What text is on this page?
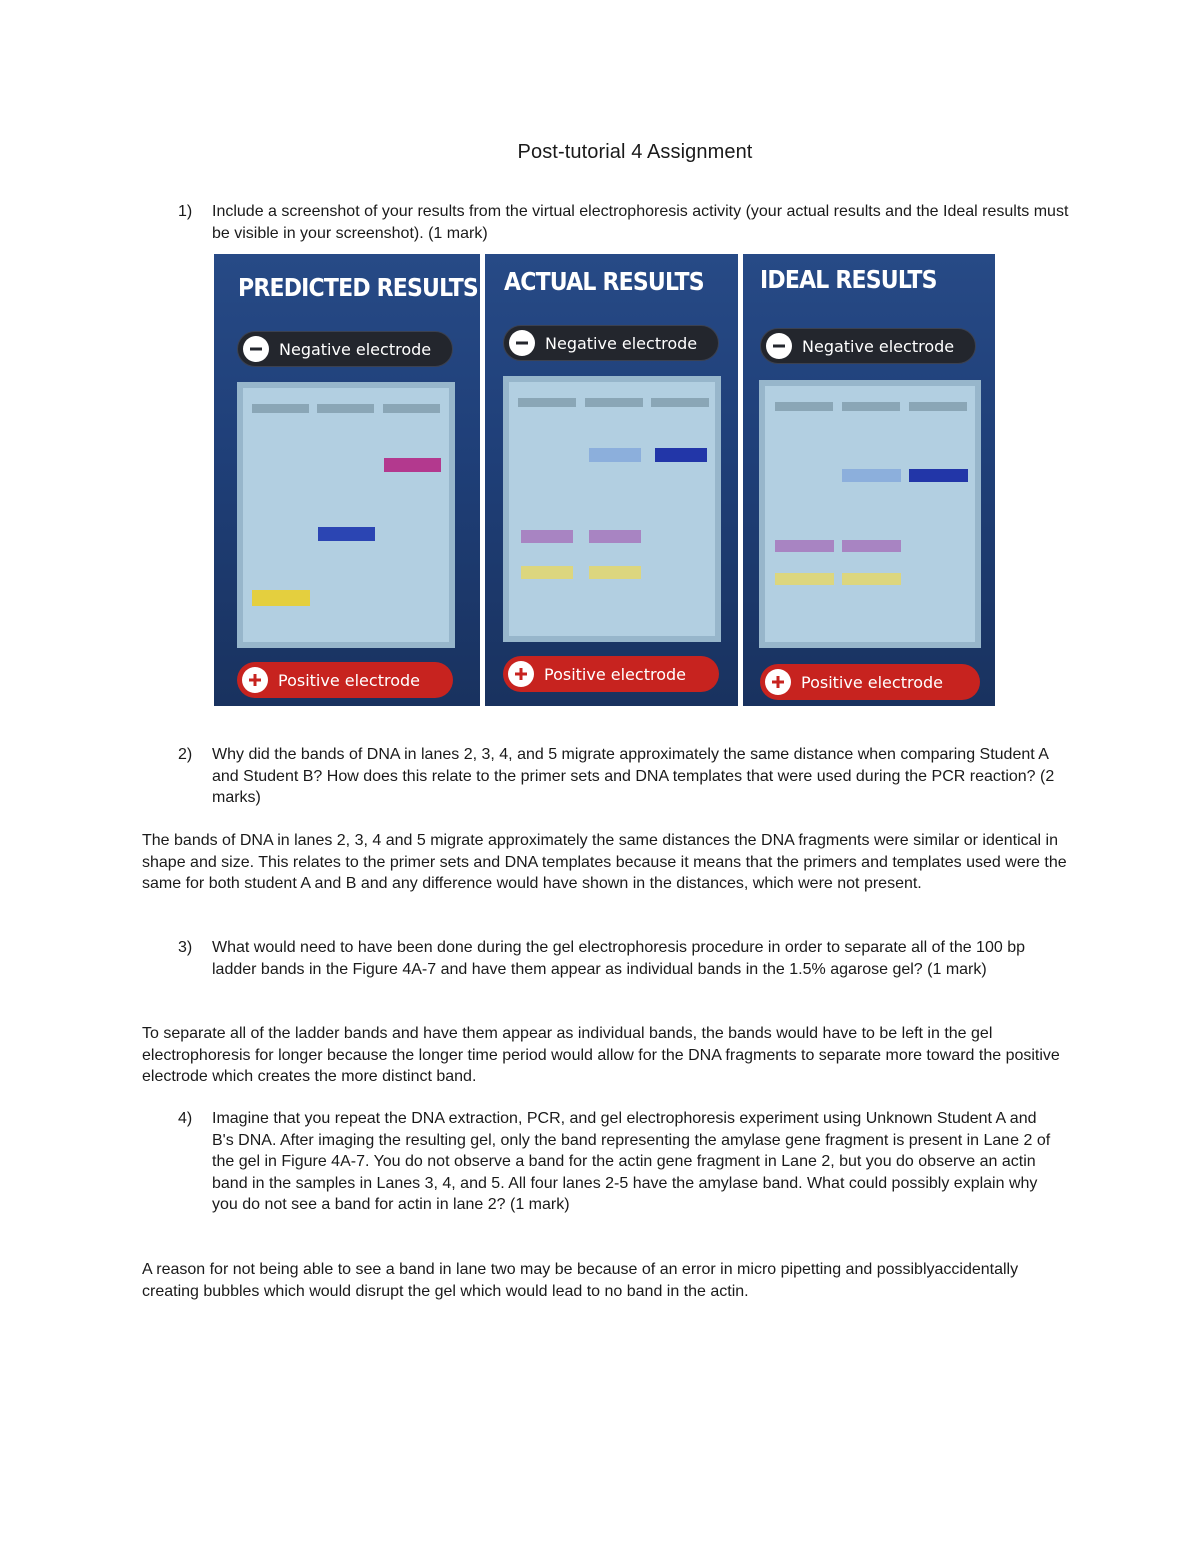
Post-tutorial 4 Assignment
1) Include a screenshot of your results from the virtual electrophoresis activity (your actual results and the Ideal results must be visible in your screenshot). (1 mark)
PREDICTED RESULTS
Negative electrode
Positive electrode
ACTUAL RESULTS
Negative electrode
Positive electrode
IDEAL RESULTS
Negative electrode
Positive electrode
2) Why did the bands of DNA in lanes 2, 3, 4, and 5 migrate approximately the same distance when comparing Student A and Student B? How does this relate to the primer sets and DNA templates that were used during the PCR reaction? (2 marks)
The bands of DNA in lanes 2, 3, 4 and 5 migrate approximately the same distances the DNA fragments were similar or identical in shape and size. This relates to the primer sets and DNA templates because it means that the primers and templates used were the same for both student A and B and any difference would have shown in the distances, which were not present.
3) What would need to have been done during the gel electrophoresis procedure in order to separate all of the 100 bp ladder bands in the Figure 4A-7 and have them appear as individual bands in the 1.5% agarose gel? (1 mark)
To separate all of the ladder bands and have them appear as individual bands, the bands would have to be left in the gel electrophoresis for longer because the longer time period would allow for the DNA fragments to separate more toward the positive electrode which creates the more distinct band.
4) Imagine that you repeat the DNA extraction, PCR, and gel electrophoresis experiment using Unknown Student A and B's DNA. After imaging the resulting gel, only the band representing the amylase gene fragment is present in Lane 2 of the gel in Figure 4A-7. You do not observe a band for the actin gene fragment in Lane 2, but you do observe an actin band in the samples in Lanes 3, 4, and 5. All four lanes 2-5 have the amylase band. What could possibly explain why you do not see a band for actin in lane 2? (1 mark)
A reason for not being able to see a band in lane two may be because of an error in micro pipetting and possiblyaccidentally creating bubbles which would disrupt the gel which would lead to no band in the actin.
